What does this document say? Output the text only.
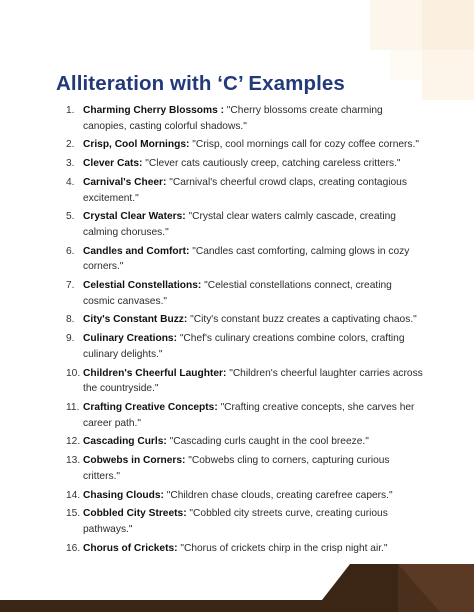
Alliteration with ‘C’ Examples
1. Charming Cherry Blossoms : "Cherry blossoms create charming canopies, casting colorful shadows."
2. Crisp, Cool Mornings: "Crisp, cool mornings call for cozy coffee corners."
3. Clever Cats: "Clever cats cautiously creep, catching careless critters."
4. Carnival's Cheer: "Carnival's cheerful crowd claps, creating contagious excitement."
5. Crystal Clear Waters: "Crystal clear waters calmly cascade, creating calming choruses."
6. Candles and Comfort: "Candles cast comforting, calming glows in cozy corners."
7. Celestial Constellations: "Celestial constellations connect, creating cosmic canvases."
8. City's Constant Buzz: "City's constant buzz creates a captivating chaos."
9. Culinary Creations: "Chef's culinary creations combine colors, crafting culinary delights."
10. Children's Cheerful Laughter: "Children's cheerful laughter carries across the countryside."
11. Crafting Creative Concepts: "Crafting creative concepts, she carves her career path."
12. Cascading Curls: "Cascading curls caught in the cool breeze."
13. Cobwebs in Corners: "Cobwebs cling to corners, capturing curious critters."
14. Chasing Clouds: "Children chase clouds, creating carefree capers."
15. Cobbled City Streets: "Cobbled city streets curve, creating curious pathways."
16. Chorus of Crickets: "Chorus of crickets chirp in the crisp night air."
